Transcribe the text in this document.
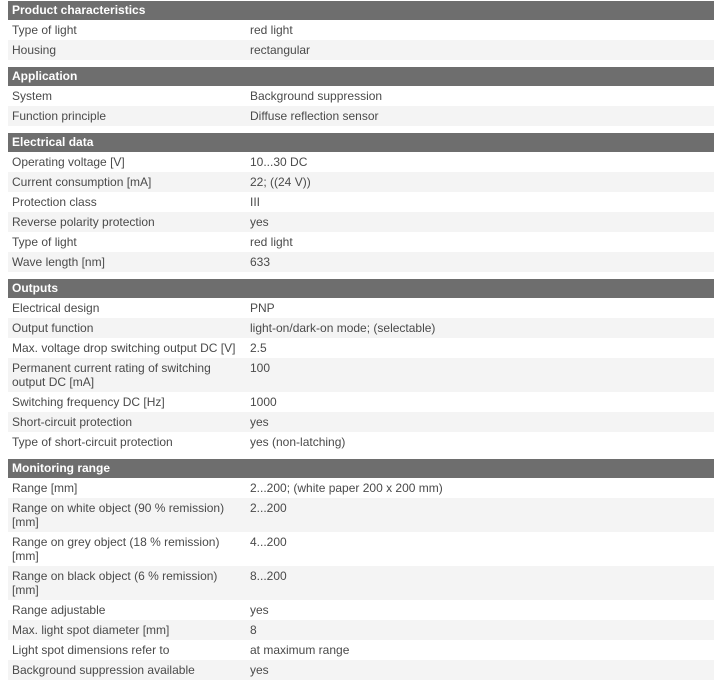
Product characteristics
Type of light	red light
Housing	rectangular
Application
System	Background suppression
Function principle	Diffuse reflection sensor
Electrical data
Operating voltage [V]	10...30 DC
Current consumption [mA]	22; ((24 V))
Protection class	III
Reverse polarity protection	yes
Type of light	red light
Wave length [nm]	633
Outputs
Electrical design	PNP
Output function	light-on/dark-on mode; (selectable)
Max. voltage drop switching output DC [V]	2.5
Permanent current rating of switching output DC [mA]	100
Switching frequency DC [Hz]	1000
Short-circuit protection	yes
Type of short-circuit protection	yes (non-latching)
Monitoring range
Range [mm]	2...200; (white paper 200 x 200 mm)
Range on white object (90 % remission) [mm]	2...200
Range on grey object (18 % remission) [mm]	4...200
Range on black object (6 % remission) [mm]	8...200
Range adjustable	yes
Max. light spot diameter [mm]	8
Light spot dimensions refer to	at maximum range
Background suppression available	yes
